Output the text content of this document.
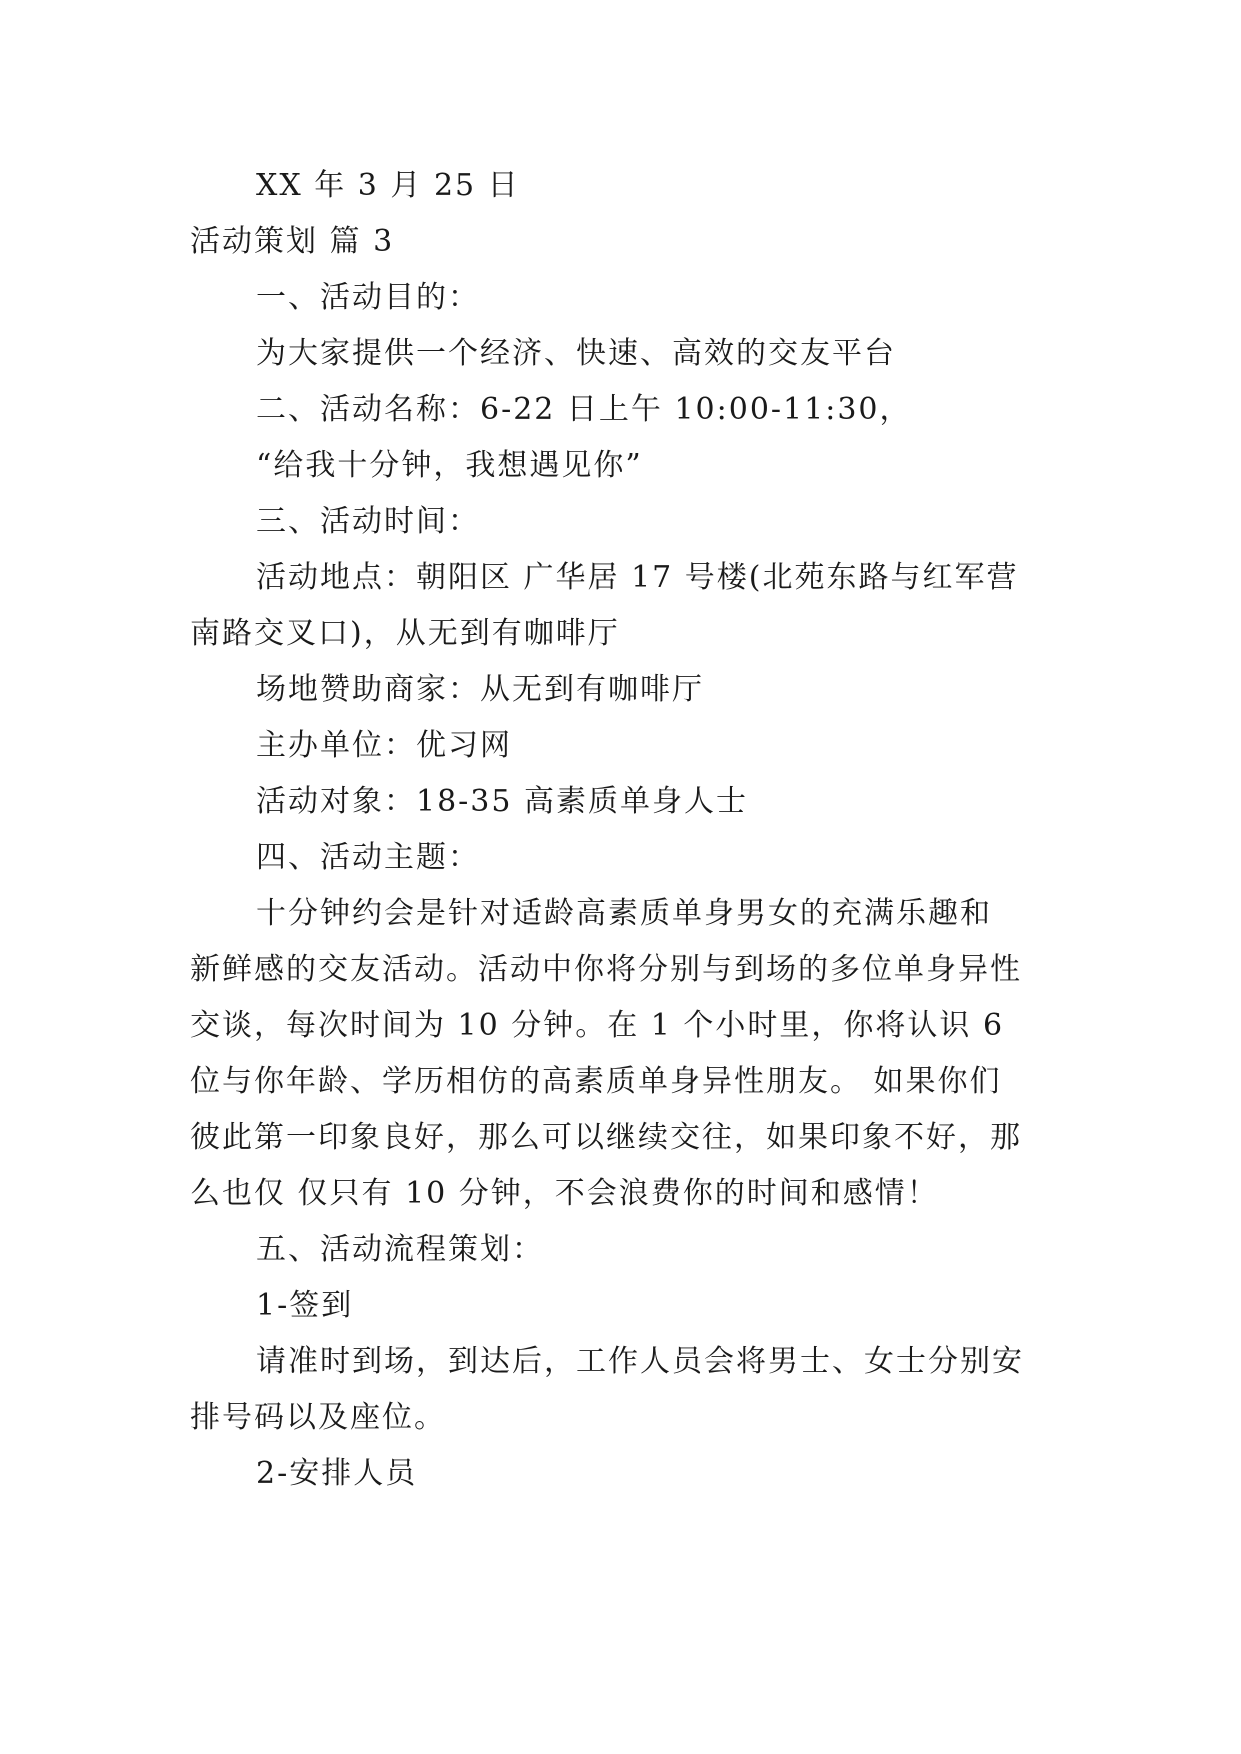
XX 年 3 月 25 日
活动策划 篇 3
一、活动目的：
为大家提供一个经济、快速、高效的交友平台
二、活动名称：6-22 日上午 10:00-11:30，
“给我十分钟，我想遇见你”
三、活动时间：
活动地点：朝阳区 广华居 17 号楼(北苑东路与红军营
南路交叉口)，从无到有咖啡厅
场地赞助商家：从无到有咖啡厅
主办单位：优习网
活动对象：18-35 高素质单身人士
四、活动主题：
十分钟约会是针对适龄高素质单身男女的充满乐趣和
新鲜感的交友活动。活动中你将分别与到场的多位单身异性
交谈，每次时间为 10 分钟。在 1 个小时里，你将认识 6
位与你年龄、学历相仿的高素质单身异性朋友。 如果你们
彼此第一印象良好，那么可以继续交往，如果印象不好，那
么也仅 仅只有 10 分钟，不会浪费你的时间和感情！
五、活动流程策划：
1-签到
请准时到场，到达后，工作人员会将男士、女士分别安
排号码以及座位。
2-安排人员
